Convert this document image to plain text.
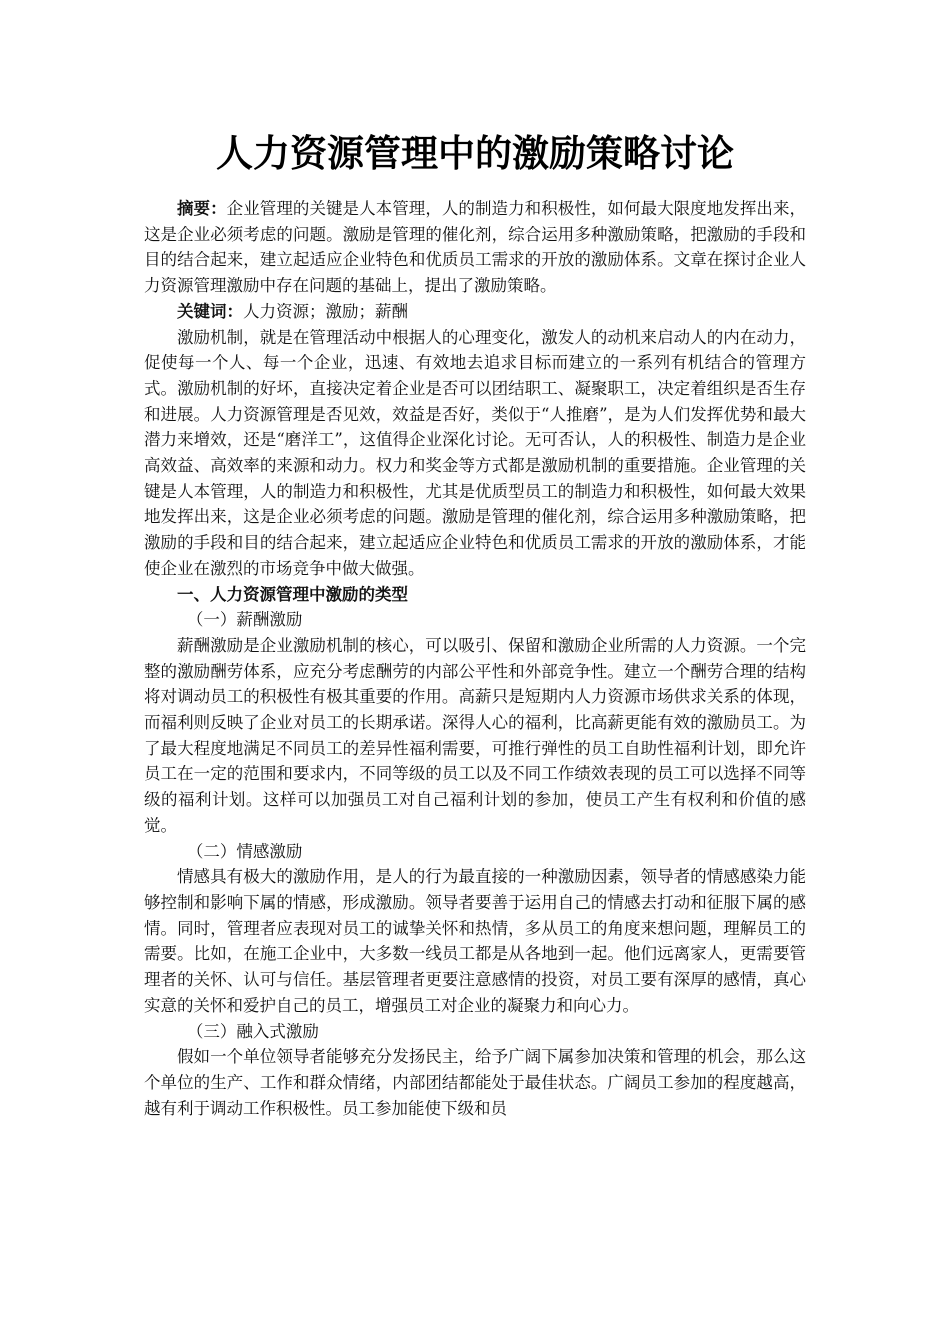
人力资源管理中的激励策略讨论

摘要：企业管理的关键是人本管理，人的制造力和积极性，如何最大限度地发挥出来，这是企业必须考虑的问题。激励是管理的催化剂，综合运用多种激励策略，把激励的手段和目的结合起来，建立起适应企业特色和优质员工需求的开放的激励体系。文章在探讨企业人力资源管理激励中存在问题的基础上，提出了激励策略。

关键词：人力资源；激励；薪酬

激励机制，就是在管理活动中根据人的心理变化，激发人的动机来启动人的内在动力，促使每一个人、每一个企业，迅速、有效地去追求目标而建立的一系列有机结合的管理方式。激励机制的好坏，直接决定着企业是否可以团结职工、凝聚职工，决定着组织是否生存和进展。人力资源管理是否见效，效益是否好，类似于“人推磨”，是为人们发挥优势和最大潜力来增效，还是“磨洋工”，这值得企业深化讨论。无可否认，人的积极性、制造力是企业高效益、高效率的来源和动力。权力和奖金等方式都是激励机制的重要措施。企业管理的关键是人本管理，人的制造力和积极性，尤其是优质型员工的制造力和积极性，如何最大效果地发挥出来，这是企业必须考虑的问题。激励是管理的催化剂，综合运用多种激励策略，把激励的手段和目的结合起来，建立起适应企业特色和优质员工需求的开放的激励体系，才能使企业在激烈的市场竞争中做大做强。

一、人力资源管理中激励的类型

（一）薪酬激励

薪酬激励是企业激励机制的核心，可以吸引、保留和激励企业所需的人力资源。一个完整的激励酬劳体系，应充分考虑酬劳的内部公平性和外部竞争性。建立一个酬劳合理的结构将对调动员工的积极性有极其重要的作用。高薪只是短期内人力资源市场供求关系的体现，而福利则反映了企业对员工的长期承诺。深得人心的福利，比高薪更能有效的激励员工。为了最大程度地满足不同员工的差异性福利需要，可推行弹性的员工自助性福利计划，即允许员工在一定的范围和要求内，不同等级的员工以及不同工作绩效表现的员工可以选择不同等级的福利计划。这样可以加强员工对自己福利计划的参加，使员工产生有权利和价值的感觉。

（二）情感激励

情感具有极大的激励作用，是人的行为最直接的一种激励因素，领导者的情感感染力能够控制和影响下属的情感，形成激励。领导者要善于运用自己的情感去打动和征服下属的感情。同时，管理者应表现对员工的诚挚关怀和热情，多从员工的角度来想问题，理解员工的需要。比如，在施工企业中，大多数一线员工都是从各地到一起。他们远离家人，更需要管理者的关怀、认可与信任。基层管理者更要注意感情的投资，对员工要有深厚的感情，真心实意的关怀和爱护自己的员工，增强员工对企业的凝聚力和向心力。

（三）融入式激励

假如一个单位领导者能够充分发扬民主，给予广阔下属参加决策和管理的机会，那么这个单位的生产、工作和群众情绪，内部团结都能处于最佳状态。广阔员工参加的程度越高，越有利于调动工作积极性。员工参加能使下级和员
